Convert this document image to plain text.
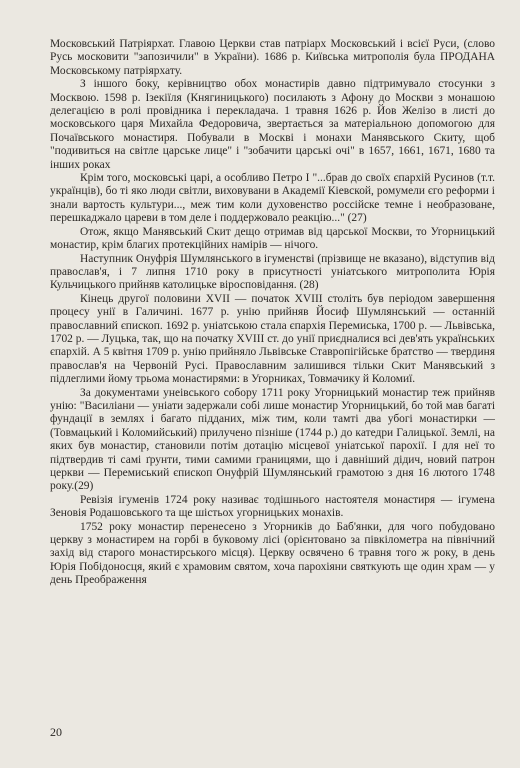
Московський Патріярхат. Главою Церкви став патріарх Московський і всієї Руси, (слово Русь московити "запозичили" в України). 1686 р. Київська митрополія була ПРОДАНА Московському патріярхату.

З іншого боку, керівництво обох монастирів давно підтримувало стосунки з Москвою. 1598 р. Ізекіїля (Княгиницького) посилають з Афону до Москви з монашою делегацією в ролі провідника і перекладача. 1 травня 1626 р. Йов Желізо в листі до московського царя Михайла Федоровича, звертається за матеріальною допомогою для Почаївського монастиря. Побували в Москві і монахи Манявського Скиту, щоб "подивиться на світле царське лице" і "зобачити царські очі" в 1657, 1661, 1671, 1680 та інших роках

Крім того, московські царі, а особливо Петро І "...брав до своїх єпархій Русинов (т.т. українців), бо ті яко люди світли, виховувани в Академії Кіевской, ромумели єго реформи і знали вартость культури..., меж тим коли духовенство россійске темне і необразоване, перешкаджало цареви в том деле і поддержовало реакцію..." (27)

Отож, якщо Манявський Скит дещо отримав від царської Москви, то Угорницький монастир, крім благих протекційних намірів — нічого.

Наступник Онуфрія Шумлянського в ігуменстві (прізвище не вказано), відступив від православ'я, і 7 липня 1710 року в присутності уніатського митрополита Юрія Кульчицького прийняв католицьке віросповідання. (28)

Кінець другої половини XVII — початок XVIII століть був періодом завершення процесу унії в Галичині. 1677 р. унію прийняв Йосиф Шумлянський — останній православний єпископ. 1692 р. уніатською стала єпархія Перемиська, 1700 р. — Львівська, 1702 р. — Луцька, так, що на початку XVIII ст. до унії приєдналися всі дев'ять українських єпархій. А 5 квітня 1709 р. унію прийняло Львівське Ставропігійське братство — твердиня православ'я на Червоній Русі. Православним залишився тільки Скит Манявський з підлеглими йому трьома монастирями: в Угорниках, Товмачику й Коломиї.

За документами унеівського собору 1711 року Угорницький монастир теж прийняв унію: "Василіани — уніати задержали собі лише монастир Угорницький, бо той мав багаті фундації в землях і багато підданих, між тим, коли тамті два убогі монастирки — (Товмацький і Коломийський) прилучено пізніше (1744 р.) до катедри Галицької. Землі, на яких був монастир, становили потім дотацію місцевої уніатської парохії. І для неї то підтвердив ті самі ґрунти, тими самими границями, що і давніший дідич, новий патрон церкви — Перемиський єпископ Онуфрій Шумлянський грамотою з дня 16 лютого 1748 року.(29)

Ревізія ігуменів 1724 року називає тодішнього настоятеля монастиря — ігумена Зеновія Родашовського та ще шістьох угорницьких монахів.

1752 року монастир перенесено з Угорників до Баб'янки, для чого побудовано церкву з монастирем на горбі в буковому лісі (орієнтовано за півкілометра на північний захід від старого монастирського місця). Церкву освячено 6 травня того ж року, в день Юрія Побідоносця, який є храмовим святом, хоча парохіяни святкують ще один храм — у день Преображення

20
